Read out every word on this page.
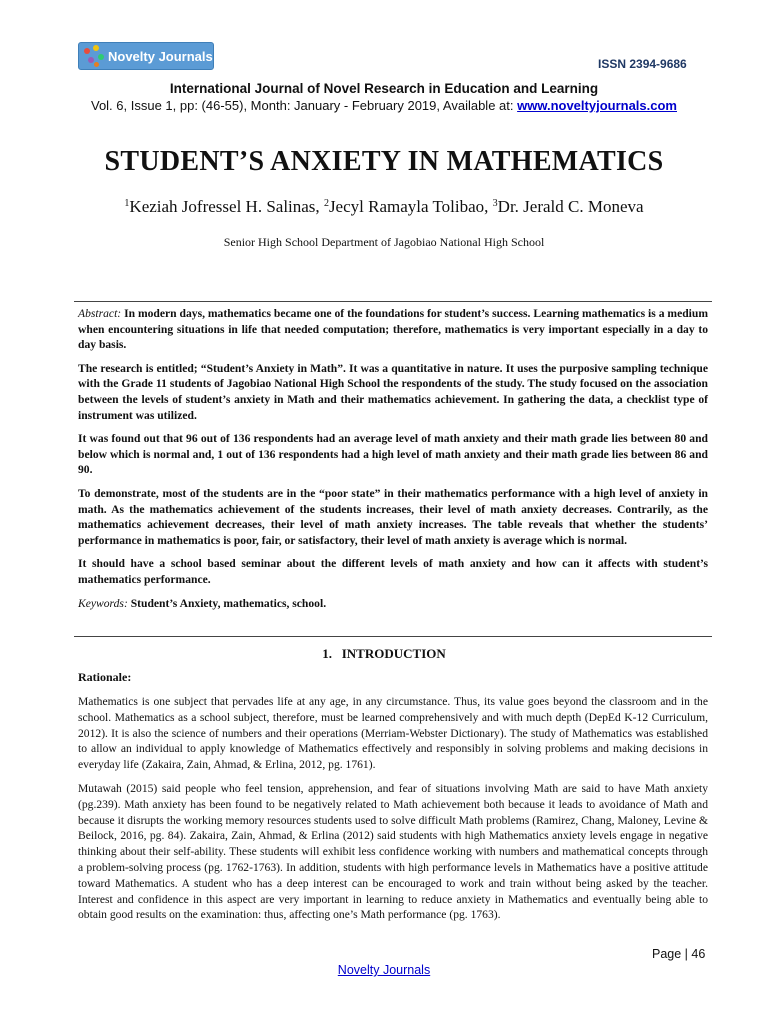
Novelty Journals
ISSN 2394-9686
International Journal of Novel Research in Education and Learning
Vol. 6, Issue 1, pp: (46-55), Month: January - February 2019, Available at: www.noveltyjournals.com
STUDENT’S ANXIETY IN MATHEMATICS
$^1$Keziah Jofressel H. Salinas, $^2$Jecyl Ramayla Tolibao, $^3$Dr. Jerald C. Moneva
Senior High School Department of Jagobiao National High School

Abstract: In modern days, mathematics became one of the foundations for student’s success. Learning mathematics is a medium when encountering situations in life that needed computation; therefore, mathematics is very important especially in a day to day basis.

The research is entitled; “Student’s Anxiety in Math”. It was a quantitative in nature. It uses the purposive sampling technique with the Grade 11 students of Jagobiao National High School the respondents of the study. The study focused on the association between the levels of student’s anxiety in Math and their mathematics achievement. In gathering the data, a checklist type of instrument was utilized.

It was found out that 96 out of 136 respondents had an average level of math anxiety and their math grade lies between 80 and below which is normal and, 1 out of 136 respondents had a high level of math anxiety and their math grade lies between 86 and 90.

To demonstrate, most of the students are in the “poor state” in their mathematics performance with a high level of anxiety in math. As the mathematics achievement of the students increases, their level of math anxiety decreases. Contrarily, as the mathematics achievement decreases, their level of math anxiety increases. The table reveals that whether the students’ performance in mathematics is poor, fair, or satisfactory, their level of math anxiety is average which is normal.

It should have a school based seminar about the different levels of math anxiety and how can it affects with student’s mathematics performance.

Keywords: Student’s Anxiety, mathematics, school.

1.   INTRODUCTION
Rationale:

Mathematics is one subject that pervades life at any age, in any circumstance. Thus, its value goes beyond the classroom and in the school. Mathematics as a school subject, therefore, must be learned comprehensively and with much depth (DepEd K-12 Curriculum, 2012). It is also the science of numbers and their operations (Merriam-Webster Dictionary). The study of Mathematics was established to allow an individual to apply knowledge of Mathematics effectively and responsibly in solving problems and making decisions in everyday life (Zakaira, Zain, Ahmad, & Erlina, 2012, pg. 1761).

Mutawah (2015) said people who feel tension, apprehension, and fear of situations involving Math are said to have Math anxiety (pg.239). Math anxiety has been found to be negatively related to Math achievement both because it leads to avoidance of Math and because it disrupts the working memory resources students used to solve difficult Math problems (Ramirez, Chang, Maloney, Levine & Beilock, 2016, pg. 84). Zakaira, Zain, Ahmad, & Erlina (2012) said students with high Mathematics anxiety levels engage in negative thinking about their self-ability. These students will exhibit less confidence working with numbers and mathematical concepts through a problem-solving process (pg. 1762-1763). In addition, students with high performance levels in Mathematics have a positive attitude toward Mathematics. A student who has a deep interest can be encouraged to work and train without being asked by the teacher. Interest and confidence in this aspect are very important in learning to reduce anxiety in Mathematics and eventually being able to obtain good results on the examination: thus, affecting one’s Math performance (pg. 1763).

Page | 46
Novelty Journals
